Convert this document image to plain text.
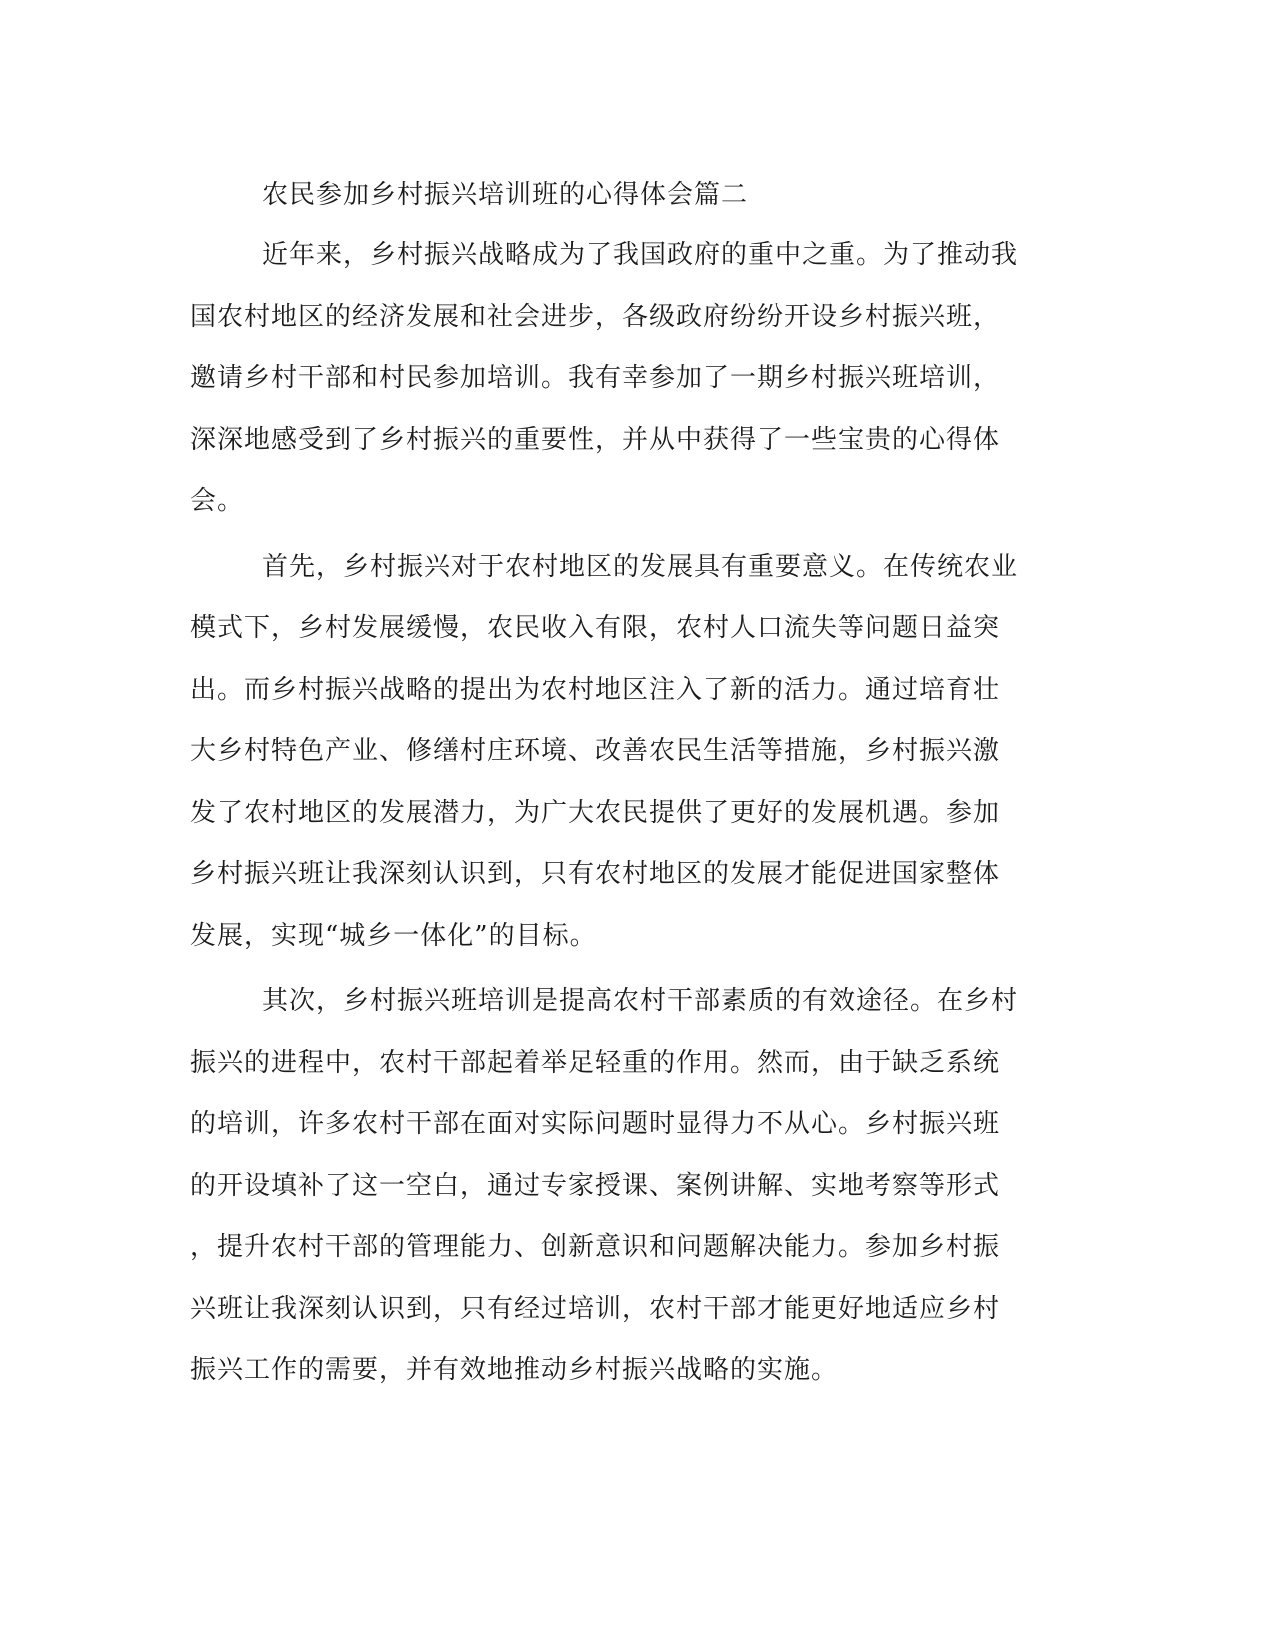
农民参加乡村振兴培训班的心得体会篇二
近年来，乡村振兴战略成为了我国政府的重中之重。为了推动我
国农村地区的经济发展和社会进步，各级政府纷纷开设乡村振兴班，
邀请乡村干部和村民参加培训。我有幸参加了一期乡村振兴班培训，
深深地感受到了乡村振兴的重要性，并从中获得了一些宝贵的心得体
会。
首先，乡村振兴对于农村地区的发展具有重要意义。在传统农业
模式下，乡村发展缓慢，农民收入有限，农村人口流失等问题日益突
出。而乡村振兴战略的提出为农村地区注入了新的活力。通过培育壮
大乡村特色产业、修缮村庄环境、改善农民生活等措施，乡村振兴激
发了农村地区的发展潜力，为广大农民提供了更好的发展机遇。参加
乡村振兴班让我深刻认识到，只有农村地区的发展才能促进国家整体
发展，实现“城乡一体化”的目标。
其次，乡村振兴班培训是提高农村干部素质的有效途径。在乡村
振兴的进程中，农村干部起着举足轻重的作用。然而，由于缺乏系统
的培训，许多农村干部在面对实际问题时显得力不从心。乡村振兴班
的开设填补了这一空白，通过专家授课、案例讲解、实地考察等形式
，提升农村干部的管理能力、创新意识和问题解决能力。参加乡村振
兴班让我深刻认识到，只有经过培训，农村干部才能更好地适应乡村
振兴工作的需要，并有效地推动乡村振兴战略的实施。
